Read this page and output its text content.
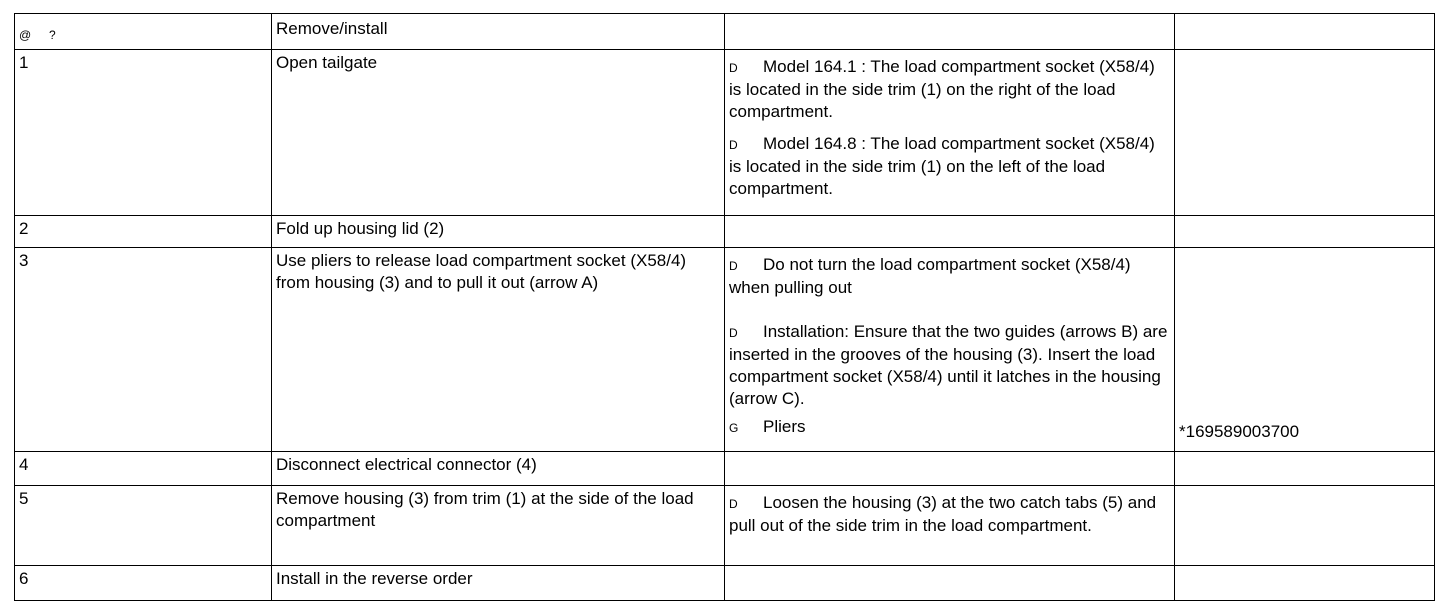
@ ?	Remove/install		

1	Open tailgate	D Model 164.1 : The load compartment socket (X58/4) is located in the side trim (1) on the right of the load compartment.
D Model 164.8 : The load compartment socket (X58/4) is located in the side trim (1) on the left of the load compartment.	

2	Fold up housing lid (2)		

3	Use pliers to release load compartment socket (X58/4) from housing (3) and to pull it out (arrow A)	D Do not turn the load compartment socket (X58/4) when pulling out
D Installation: Ensure that the two guides (arrows B) are inserted in the grooves of the housing (3). Insert the load compartment socket (X58/4) until it latches in the housing (arrow C).
G Pliers	*169589003700

4	Disconnect electrical connector (4)		

5	Remove housing (3) from trim (1) at the side of the load compartment	D Loosen the housing (3) at the two catch tabs (5) and pull out of the side trim in the load compartment.	

6	Install in the reverse order		
